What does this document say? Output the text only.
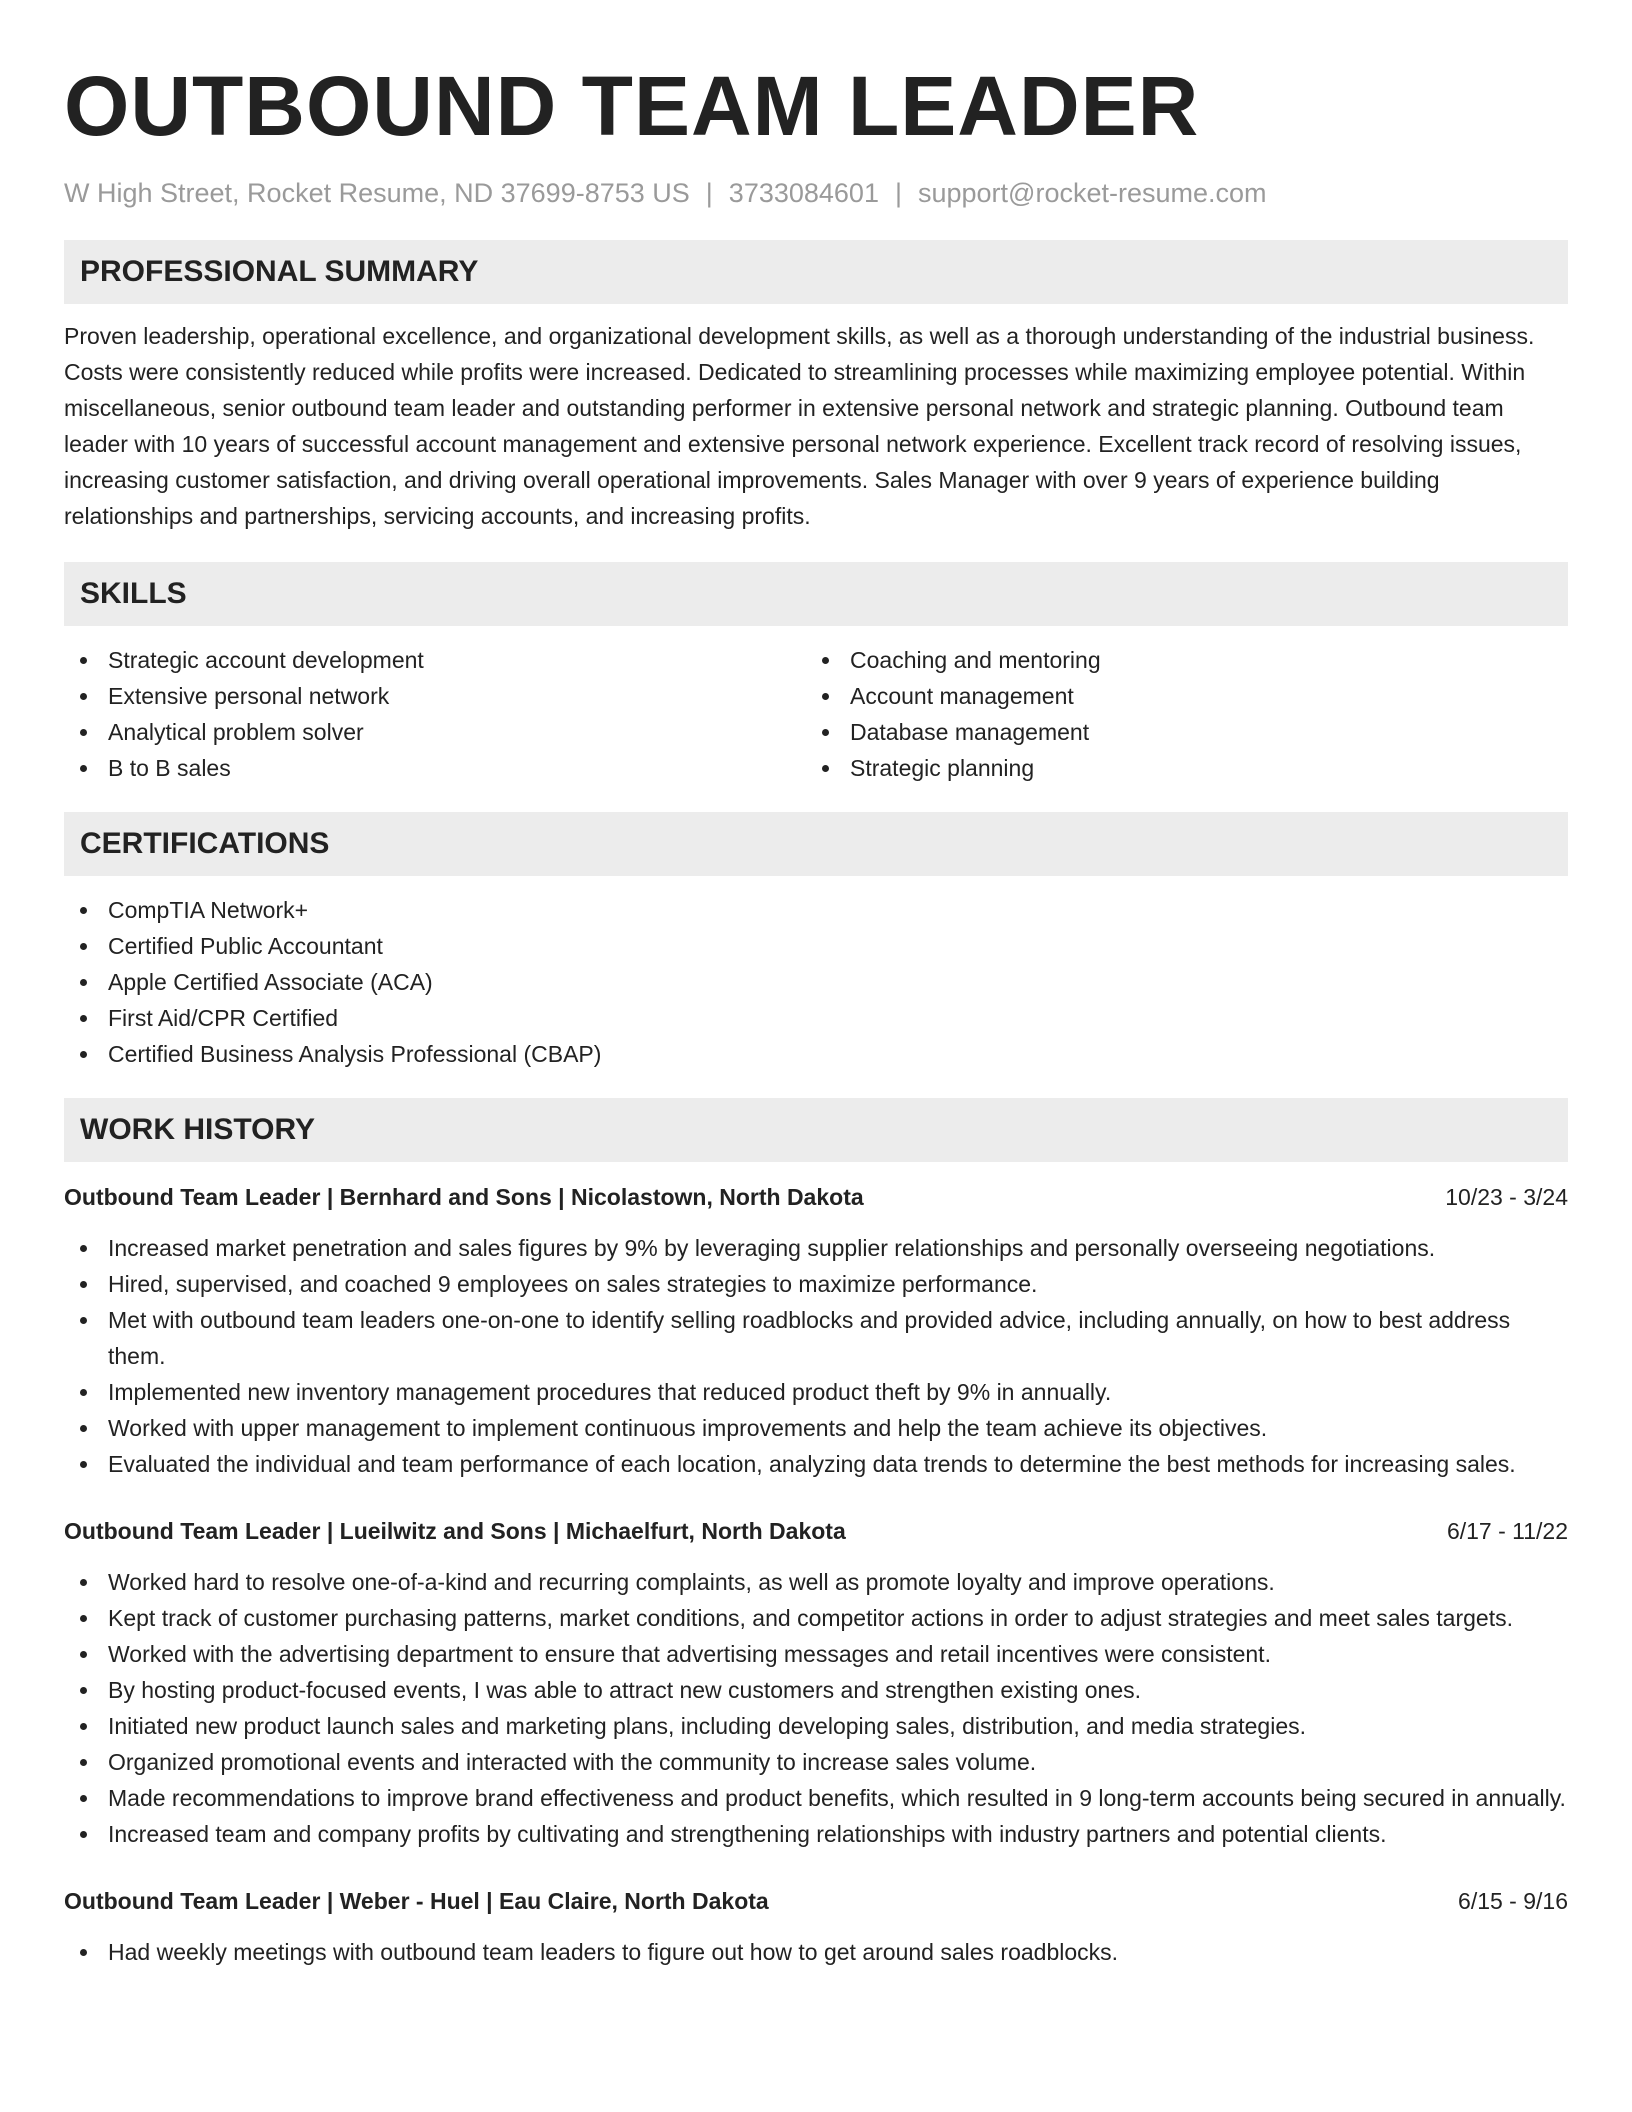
OUTBOUND TEAM LEADER
W High Street, Rocket Resume, ND 37699-8753 US | 3733084601 | support@rocket-resume.com
PROFESSIONAL SUMMARY

Proven leadership, operational excellence, and organizational development skills, as well as a thorough understanding of the industrial business. Costs were consistently reduced while profits were increased. Dedicated to streamlining processes while maximizing employee potential. Within miscellaneous, senior outbound team leader and outstanding performer in extensive personal network and strategic planning. Outbound team leader with 10 years of successful account management and extensive personal network experience. Excellent track record of resolving issues, increasing customer satisfaction, and driving overall operational improvements. Sales Manager with over 9 years of experience building relationships and partnerships, servicing accounts, and increasing profits.

SKILLS
Strategic account development
Extensive personal network
Analytical problem solver
B to B sales
Coaching and mentoring
Account management
Database management
Strategic planning
CERTIFICATIONS
CompTIA Network+
Certified Public Accountant
Apple Certified Associate (ACA)
First Aid/CPR Certified
Certified Business Analysis Professional (CBAP)
WORK HISTORY
Outbound Team Leader | Bernhard and Sons | Nicolastown, North Dakota	10/23 - 3/24
Increased market penetration and sales figures by 9% by leveraging supplier relationships and personally overseeing negotiations.
Hired, supervised, and coached 9 employees on sales strategies to maximize performance.
Met with outbound team leaders one-on-one to identify selling roadblocks and provided advice, including annually, on how to best address them.
Implemented new inventory management procedures that reduced product theft by 9% in annually.
Worked with upper management to implement continuous improvements and help the team achieve its objectives.
Evaluated the individual and team performance of each location, analyzing data trends to determine the best methods for increasing sales.
Outbound Team Leader | Lueilwitz and Sons | Michaelfurt, North Dakota	6/17 - 11/22
Worked hard to resolve one-of-a-kind and recurring complaints, as well as promote loyalty and improve operations.
Kept track of customer purchasing patterns, market conditions, and competitor actions in order to adjust strategies and meet sales targets.
Worked with the advertising department to ensure that advertising messages and retail incentives were consistent.
By hosting product-focused events, I was able to attract new customers and strengthen existing ones.
Initiated new product launch sales and marketing plans, including developing sales, distribution, and media strategies.
Organized promotional events and interacted with the community to increase sales volume.
Made recommendations to improve brand effectiveness and product benefits, which resulted in 9 long-term accounts being secured in annually.
Increased team and company profits by cultivating and strengthening relationships with industry partners and potential clients.
Outbound Team Leader | Weber - Huel | Eau Claire, North Dakota	6/15 - 9/16
Had weekly meetings with outbound team leaders to figure out how to get around sales roadblocks.
